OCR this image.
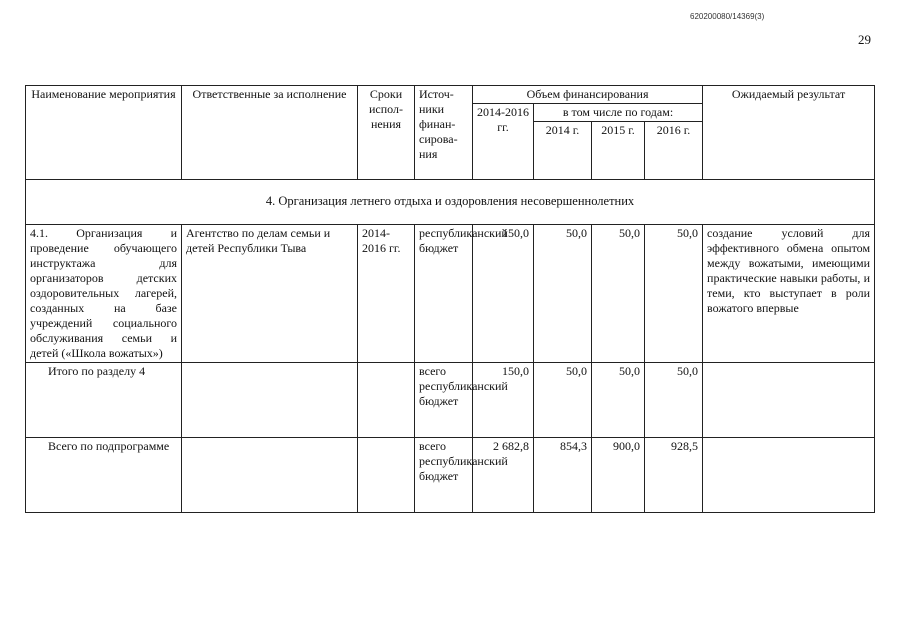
620200080/14369(3)
29
Наименование мероприятия	Ответственные за исполнение	Сроки испол-нения	Источ-ники финан-сирова-ния	Объем финансирования				Ожидаемый результат
				2014-2016 гг.	в том числе по годам:			
					2014 г.	2015 г.	2016 г.	
4. Организация летнего отдыха и оздоровления несовершеннолетних								
4.1. Организация и проведение обучающего инструктажа для организаторов детских оздоровительных лагерей, созданных на базе учреждений социального обслуживания семьи и детей («Школа вожатых»)	Агентство по делам семьи и детей Республики Тыва	2014-2016 гг.	республиканский бюджет	150,0	50,0	50,0	50,0	создание условий для эффективного обмена опытом между вожатыми, имеющими практические навыки работы, и теми, кто выступает в роли вожатого впервые
Итого по разделу 4			всего республиканский бюджет	150,0	50,0	50,0	50,0	
Всего по подпрограмме			всего республиканский бюджет	2 682,8	854,3	900,0	928,5	
